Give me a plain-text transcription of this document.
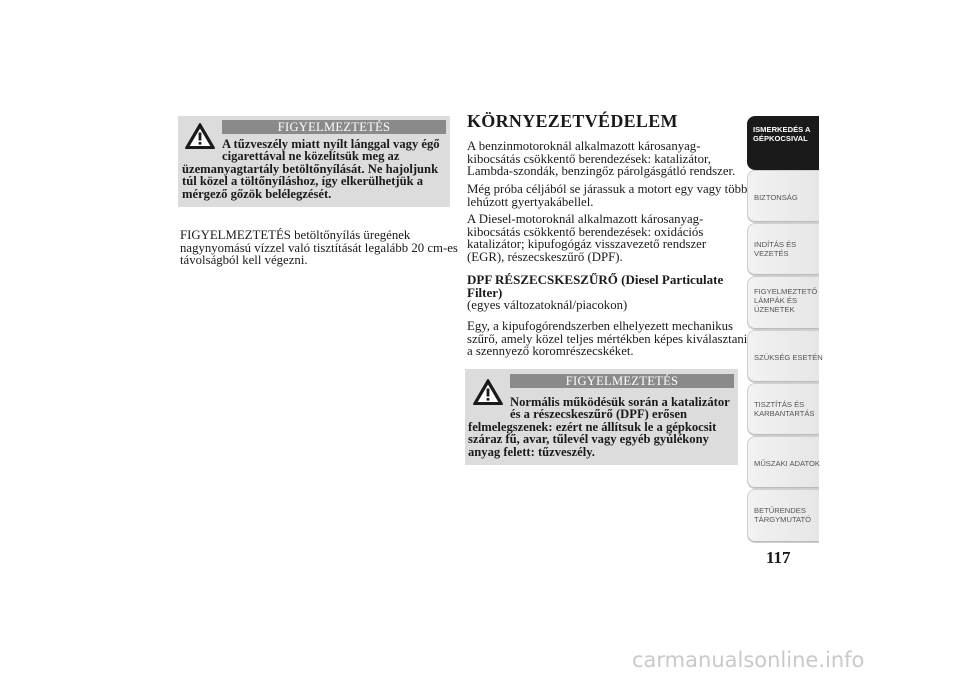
FIGYELMEZTETÉS
A tűzveszély miatt nyílt lánggal vagy égő
cigarettával ne közelítsük meg az
üzemanyagtartály betöltőnyílását. Ne hajoljunk
túl közel a töltőnyíláshoz, így elkerülhetjük a
mérgező gőzök belélegzését.
FIGYELMEZTETÉS betöltőnyílás üregének
nagynyomású vízzel való tisztítását legalább 20 cm-es
távolságból kell végezni.
KÖRNYEZETVÉDELEM
A benzinmotoroknál alkalmazott károsanyag-
kibocsátás csökkentő berendezések: katalizátor,
Lambda-szondák, benzingőz párolgásgátló rendszer.
Még próba céljából se járassuk a motort egy vagy több
lehúzott gyertyakábellel.
A Diesel-motoroknál alkalmazott károsanyag-
kibocsátás csökkentő berendezések: oxidációs
katalizátor; kipufogógáz visszavezető rendszer
(EGR), részecskeszűrő (DPF).
DPF RÉSZECSKESZŰRŐ (Diesel Particulate
Filter)
(egyes változatoknál/piacokon)
Egy, a kipufogórendszerben elhelyezett mechanikus
szűrő, amely közel teljes mértékben képes kiválasztani
a szennyező koromrészecskéket.
FIGYELMEZTETÉS
Normális működésük során a katalizátor
és a részecskeszűrő (DPF) erősen
felmelegszenek: ezért ne állítsuk le a gépkocsit
száraz fű, avar, tűlevél vagy egyéb gyúlékony
anyag felett: tűzveszély.
ISMERKEDÉS A
GÉPKOCSIVAL
BIZTONSÁG
INDÍTÁS ÉS
VEZETÉS
FIGYELMEZTETŐ
LÁMPÁK ÉS
ÜZENETEK
SZÜKSÉG ESETÉN
TISZTÍTÁS ÉS
KARBANTARTÁS
MŰSZAKI ADATOK
BETŰRENDES
TÁRGYMUTATÓ
117
carmanualsonline.info
